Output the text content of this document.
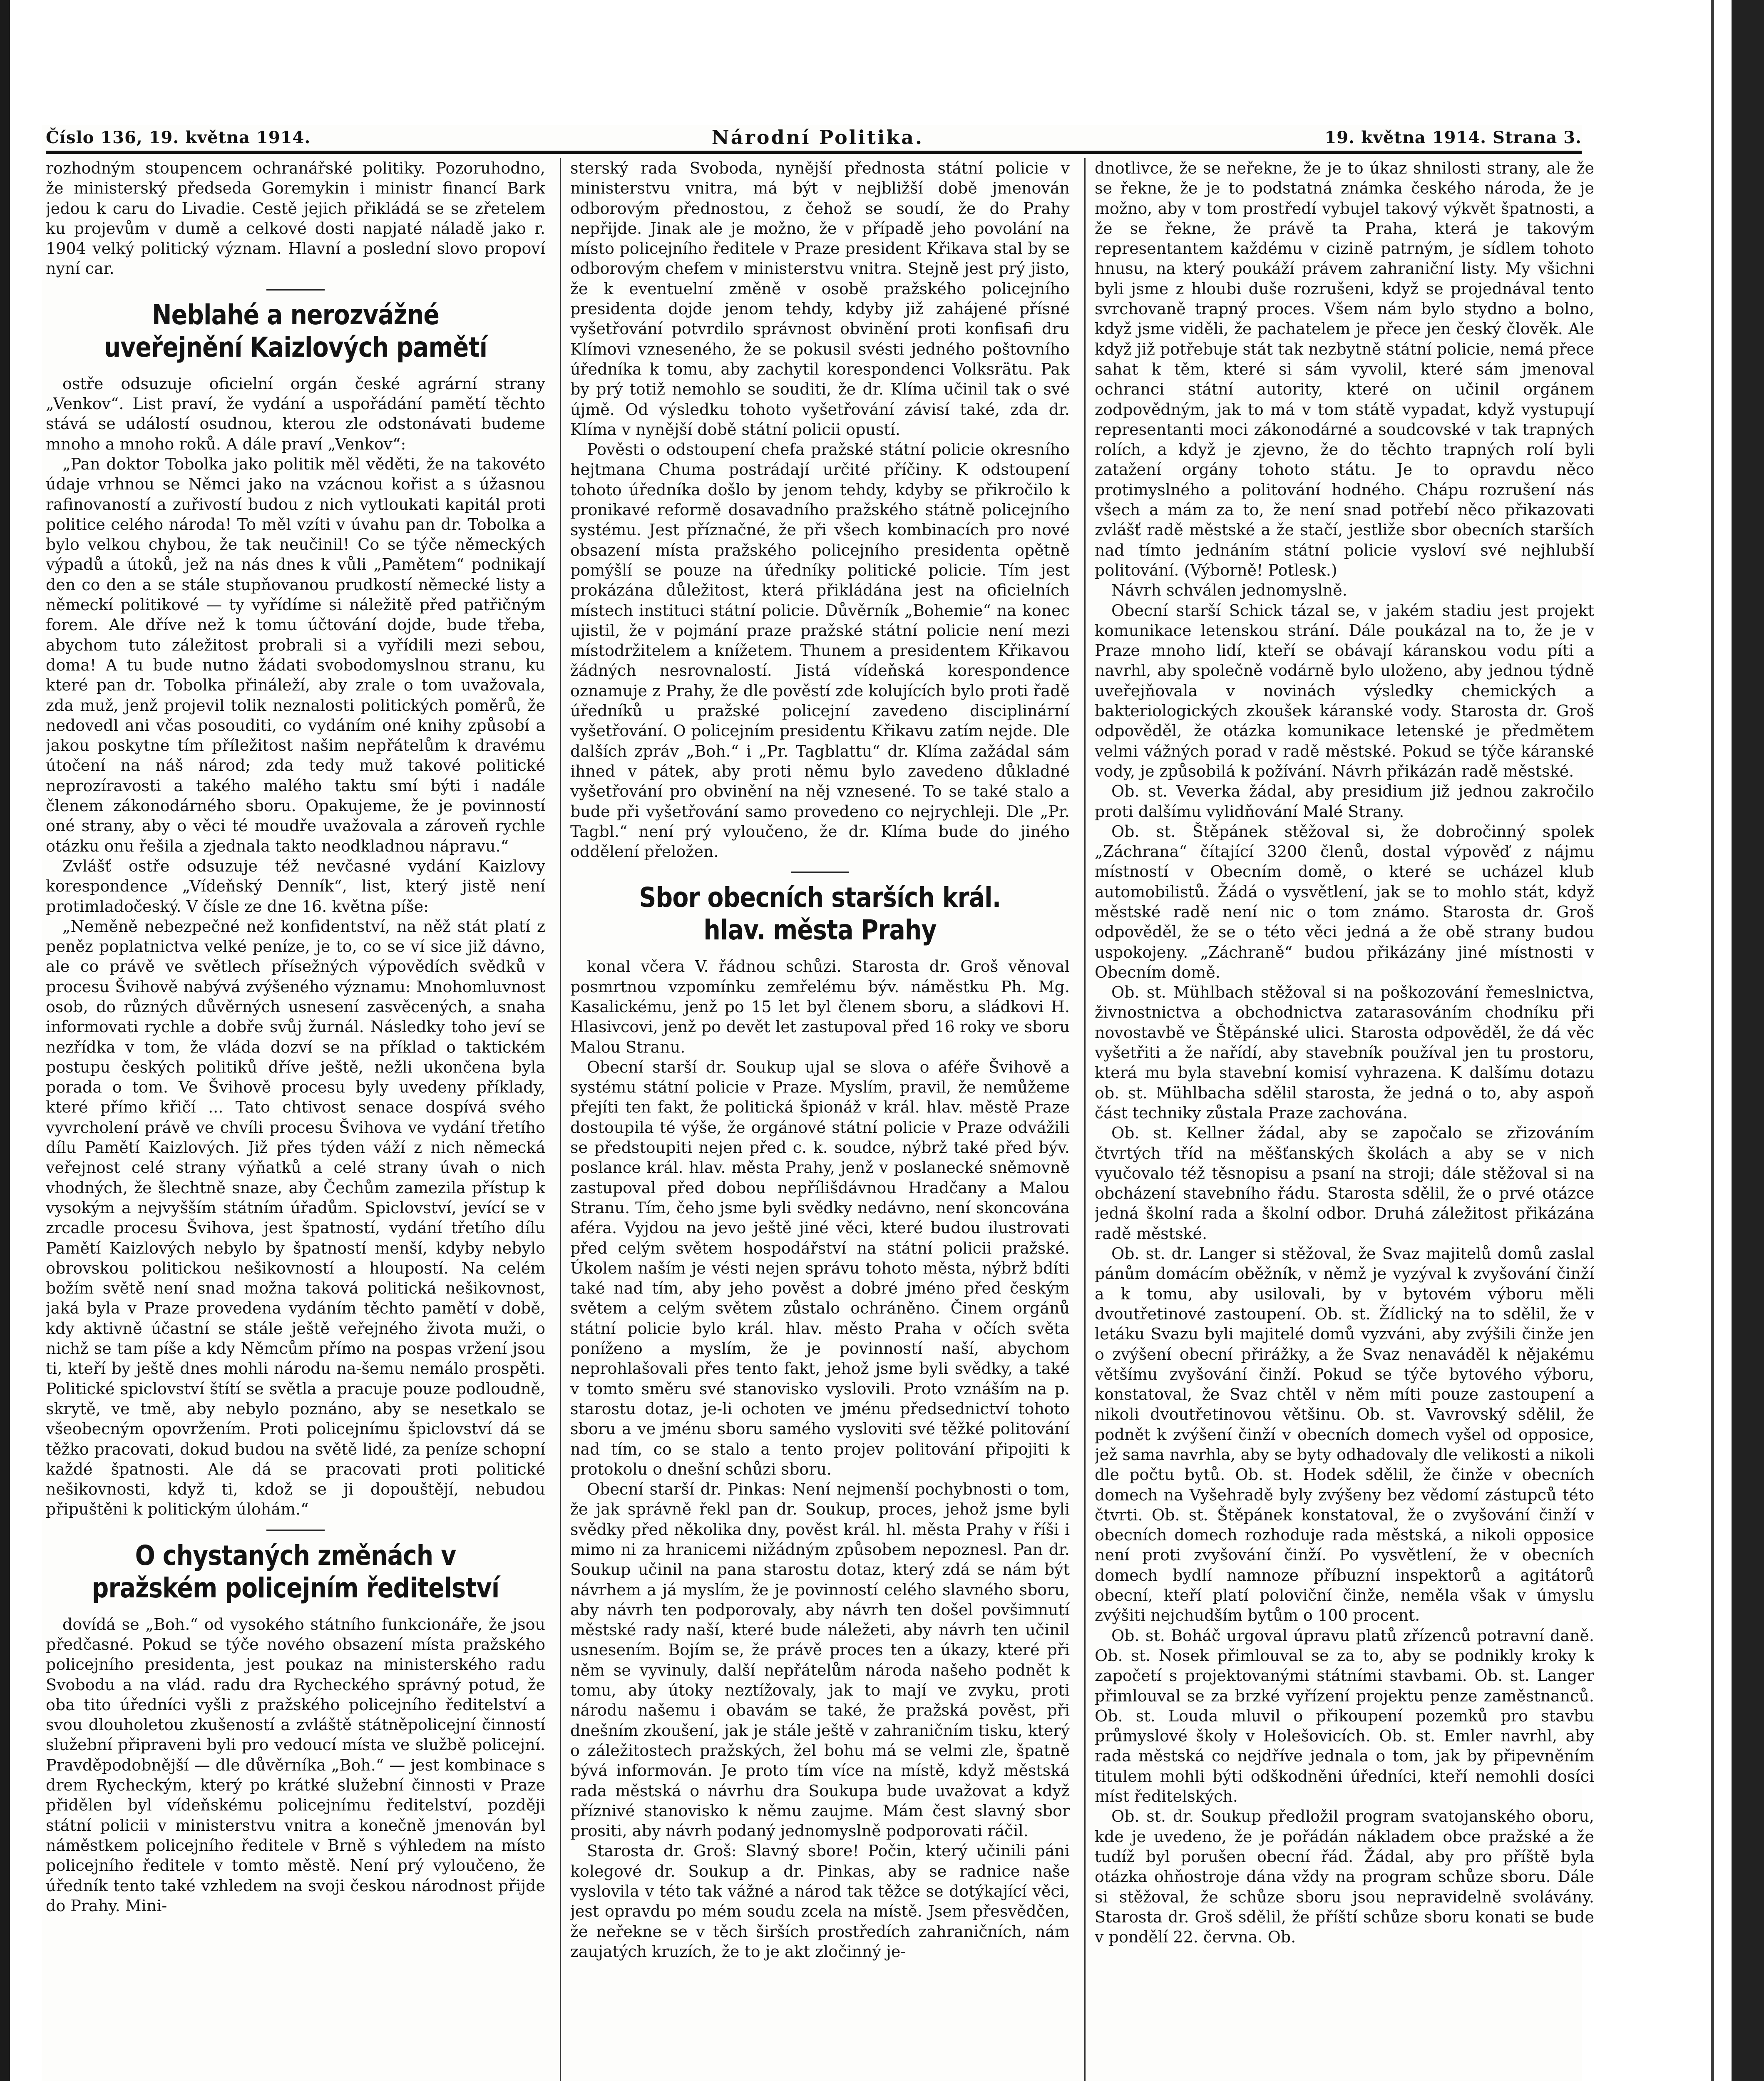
Číslo 136, 19. května 1914.	Národní Politika.	19. května 1914. Strana 3.

rozhodným stoupencem ochranářské politiky. Pozoruhodno, že ministerský předseda Goremykin i ministr financí Bark jedou k caru do Livadie. Cestě jejich přikládá se se zřetelem ku projevům v dumě a celkové dosti napjaté náladě jako r. 1904 velký politický význam. Hlavní a poslední slovo propoví nyní car.

Neblahé a nerozvážné uveřejnění Kaizlových pamětí

ostře odsuzuje oficielní orgán české agrární strany „Venkov“. List praví, že vydání a uspořádání pamětí těchto stává se událostí osudnou, kterou zle odstonávati budeme mnoho a mnoho roků. A dále praví „Venkov“:

„Pan doktor Tobolka jako politik měl věděti, že na takovéto údaje vrhnou se Němci jako na vzácnou kořist a s úžasnou rafinovaností a zuřivostí budou z nich vytloukati kapitál proti politice celého národa! To měl vzíti v úvahu pan dr. Tobolka a bylo velkou chybou, že tak neučinil! Co se týče německých výpadů a útoků, jež na nás dnes k vůli „Pamětem“ podnikají den co den a se stále stupňovanou prudkostí německé listy a německí politikové — ty vyřídíme si náležitě před patřičným forem. Ale dříve než k tomu účtování dojde, bude třeba, abychom tuto záležitost probrali si a vyřídili mezi sebou, doma! A tu bude nutno žádati svobodomyslnou stranu, ku které pan dr. Tobolka přináleží, aby zrale o tom uvažovala, zda muž, jenž projevil tolik neznalosti politických poměrů, že nedovedl ani včas posouditi, co vydáním oné knihy způsobí a jakou poskytne tím příležitost našim nepřátelům k dravému útočení na náš národ; zda tedy muž takové politické neprozíravosti a takého malého taktu smí býti i nadále členem zákonodárného sboru. Opakujeme, že je povinností oné strany, aby o věci té moudře uvažovala a zároveň rychle otázku onu řešila a zjednala takto neodkladnou nápravu.“

Zvlášť ostře odsuzuje též nevčasné vydání Kaizlovy korespondence „Vídeňský Denník“, list, který jistě není protimladočeský. V čísle ze dne 16. května píše:

„Neměně nebezpečné než konfidentství, na něž stát platí z peněz poplatnictva velké peníze, je to, co se ví sice již dávno, ale co právě ve světlech přísežných výpovědích svědků v procesu Švihově nabývá zvýšeného významu: Mnohomluvnost osob, do různých důvěrných usnesení zasvěcených, a snaha informovati rychle a dobře svůj žurnál. Následky toho jeví se nezřídka v tom, že vláda dozví se na příklad o taktickém postupu českých politiků dříve ještě, nežli ukončena byla porada o tom. Ve Švihově procesu byly uvedeny příklady, které přímo křičí ... Tato chtivost senace dospívá svého vyvrcholení právě ve chvíli procesu Švihova ve vydání třetího dílu Pamětí Kaizlových. Již přes týden váží z nich německá veřejnost celé strany výňatků a celé strany úvah o nich vhodných, že šlechtně snaze, aby Čechům zamezila přístup k vysokým a nejvyšším státním úřadům. Spiclovství, jevící se v zrcadle procesu Švihova, jest špatností, vydání třetího dílu Pamětí Kaizlových nebylo by špatností menší, kdyby nebylo obrovskou politickou nešikovností a hloupostí. Na celém božím světě není snad možna taková politická nešikovnost, jaká byla v Praze provedena vydáním těchto pamětí v době, kdy aktivně účastní se stále ještě veřejného života muži, o nichž se tam píše a kdy Němcům přímo na pospas vržení jsou ti, kteří by ještě dnes mohli národu na-šemu nemálo prospěti. Politické spiclovství štítí se světla a pracuje pouze podloudně, skrytě, ve tmě, aby nebylo poznáno, aby se nesetkalo se všeobecným opovržením. Proti policejnímu špiclovství dá se těžko pracovati, dokud budou na světě lidé, za peníze schopní každé špatnosti. Ale dá se pracovati proti politické nešikovnosti, když ti, kdož se ji dopouštějí, nebudou připuštěni k politickým úlohám.“

O chystaných změnách v pražském policejním ředitelství

dovídá se „Boh.“ od vysokého státního funkcionáře, že jsou předčasné. Pokud se týče nového obsazení místa pražského policejního presidenta, jest poukaz na ministerského radu Svobodu a na vlád. radu dra Rycheckého správný potud, že oba tito úředníci vyšli z pražského policejního ředitelství a svou dlouholetou zkušeností a zvláště státněpolicejní činností služební připraveni byli pro vedoucí místa ve službě policejní. Pravděpodobnější — dle důvěrníka „Boh.“ — jest kombinace s drem Rycheckým, který po krátké služební činnosti v Praze přidělen byl vídeňskému policejnímu ředitelství, později státní policii v ministerstvu vnitra a konečně jmenován byl náměstkem policejního ředitele v Brně s výhledem na místo policejního ředitele v tomto městě. Není prý vyloučeno, že úředník tento také vzhledem na svoji českou národnost přijde do Prahy. Mini-

sterský rada Svoboda, nynější přednosta státní policie v ministerstvu vnitra, má být v nejbližší době jmenován odborovým přednostou, z čehož se soudí, že do Prahy nepřijde. Jinak ale je možno, že v případě jeho povolání na místo policejního ředitele v Praze president Křikava stal by se odborovým chefem v ministerstvu vnitra. Stejně jest prý jisto, že k eventuelní změně v osobě pražského policejního presidenta dojde jenom tehdy, kdyby již zahájené přísné vyšetřování potvrdilo správnost obvinění proti konfisafi dru Klímovi vzneseného, že se pokusil svésti jedného poštovního úředníka k tomu, aby zachytil korespondenci Volksrätu. Pak by prý totiž nemohlo se souditi, že dr. Klíma učinil tak o své újmě. Od výsledku tohoto vyšetřování závisí také, zda dr. Klíma v nynější době státní policii opustí.

Pověsti o odstoupení chefa pražské státní policie okresního hejtmana Chuma postrádají určité příčiny. K odstoupení tohoto úředníka došlo by jenom tehdy, kdyby se přikročilo k pronikavé reformě dosavadního pražského státně policejního systému. Jest příznačné, že při všech kombinacích pro nové obsazení místa pražského policejního presidenta opětně pomýšlí se pouze na úředníky politické policie. Tím jest prokázána důležitost, která přikládána jest na oficielních místech instituci státní policie. Důvěrník „Bohemie“ na konec ujistil, že v pojmání praze pražské státní policie není mezi místodržitelem a knížetem. Thunem a presidentem Křikavou žádných nesrovnalostí. Jistá vídeňská korespondence oznamuje z Prahy, že dle pověstí zde kolujících bylo proti řadě úředníků u pražské policejní zavedeno disciplinární vyšetřování. O policejním presidentu Křikavu zatím nejde. Dle dalších zpráv „Boh.“ i „Pr. Tagblattu“ dr. Klíma zažádal sám ihned v pátek, aby proti němu bylo zavedeno důkladné vyšetřování pro obvinění na něj vznesené. To se také stalo a bude při vyšetřování samo provedeno co nejrychleji. Dle „Pr. Tagbl.“ není prý vyloučeno, že dr. Klíma bude do jiného oddělení přeložen.

Sbor obecních starších král. hlav. města Prahy

konal včera V. řádnou schůzi. Starosta dr. Groš věnoval posmrtnou vzpomínku zemřelému býv. náměstku Ph. Mg. Kasalickému, jenž po 15 let byl členem sboru, a sládkovi H. Hlasivcovi, jenž po devět let zastupoval před 16 roky ve sboru Malou Stranu.

Obecní starší dr. Soukup ujal se slova o aféře Švihově a systému státní policie v Praze. Myslím, pravil, že nemůžeme přejíti ten fakt, že politická špionáž v král. hlav. městě Praze dostoupila té výše, že orgánové státní policie v Praze odvážili se předstoupiti nejen před c. k. soudce, nýbrž také před býv. poslance král. hlav. města Prahy, jenž v poslanecké sněmovně zastupoval před dobou nepřílišdávnou Hradčany a Malou Stranu. Tím, čeho jsme byli svědky nedávno, není skoncována aféra. Vyjdou na jevo ještě jiné věci, které budou ilustrovati před celým světem hospodářství na státní policii pražské. Úkolem naším je vésti nejen správu tohoto města, nýbrž bdíti také nad tím, aby jeho pověst a dobré jméno před českým světem a celým světem zůstalo ochráněno. Činem orgánů státní policie bylo král. hlav. město Praha v očích světa poníženo a myslím, že je povinností naší, abychom neprohlašovali přes tento fakt, jehož jsme byli svědky, a také v tomto směru své stanovisko vyslovili. Proto vznáším na p. starostu dotaz, je-li ochoten ve jménu předsednictví tohoto sboru a ve jménu sboru samého vysloviti své těžké politování nad tím, co se stalo a tento projev politování připojiti k protokolu o dnešní schůzi sboru.

Obecní starší dr. Pinkas: Není nejmenší pochybnosti o tom, že jak správně řekl pan dr. Soukup, proces, jehož jsme byli svědky před několika dny, pověst král. hl. města Prahy v říši i mimo ni za hranicemi nižádným způsobem nepoznesl. Pan dr. Soukup učinil na pana starostu dotaz, který zdá se nám být návrhem a já myslím, že je povinností celého slavného sboru, aby návrh ten podporovaly, aby návrh ten došel povšimnutí městské rady naší, které bude náležeti, aby návrh ten učinil usnesením. Bojím se, že právě proces ten a úkazy, které při něm se vyvinuly, další nepřátelům národa našeho podnět k tomu, aby útoky neztížovaly, jak to mají ve zvyku, proti národu našemu i obavám se také, že pražská pověst, při dnešním zkoušení, jak je stále ještě v zahraničním tisku, který o záležitostech pražských, žel bohu má se velmi zle, špatně bývá informován. Je proto tím více na místě, když městská rada městská o návrhu dra Soukupa bude uvažovat a když příznivé stanovisko k němu zaujme. Mám čest slavný sbor prositi, aby návrh podaný jednomyslně podporovati ráčil.

Starosta dr. Groš: Slavný sbore! Počin, který učinili páni kolegové dr. Soukup a dr. Pinkas, aby se radnice naše vyslovila v této tak vážné a národ tak těžce se dotýkající věci, jest opravdu po mém soudu zcela na místě. Jsem přesvědčen, že neřekne se v těch širších prostředích zahraničních, nám zaujatých kruzích, že to je akt zločinný je-

dnotlivce, že se neřekne, že je to úkaz shnilosti strany, ale že se řekne, že je to podstatná známka českého národa, že je možno, aby v tom prostředí vybujel takový výkvět špatnosti, a že se řekne, že právě ta Praha, která je takovým representantem každému v cizině patrným, je sídlem tohoto hnusu, na který poukáží právem zahraniční listy. My všichni byli jsme z hloubi duše rozrušeni, když se projednával tento svrchovaně trapný proces. Všem nám bylo stydno a bolno, když jsme viděli, že pachatelem je přece jen český člověk. Ale když již potřebuje stát tak nezbytně státní policie, nemá přece sahat k těm, které si sám vyvolil, které sám jmenoval ochranci státní autority, které on učinil orgánem zodpovědným, jak to má v tom státě vypadat, když vystupují representanti moci zákonodárné a soudcovské v tak trapných rolích, a když je zjevno, že do těchto trapných rolí byli zatažení orgány tohoto státu. Je to opravdu něco protimyslného a politování hodného. Chápu rozrušení nás všech a mám za to, že není snad potřebí něco přikazovati zvlášť radě městské a že stačí, jestliže sbor obecních starších nad tímto jednáním státní policie vysloví své nejhlubší politování. (Výborně! Potlesk.)

Návrh schválen jednomyslně.

Obecní starší Schick tázal se, v jakém stadiu jest projekt komunikace letenskou strání. Dále poukázal na to, že je v Praze mnoho lidí, kteří se obávají káranskou vodu píti a navrhl, aby společně vodárně bylo uloženo, aby jednou týdně uveřejňovala v novinách výsledky chemických a bakteriologických zkoušek káranské vody. Starosta dr. Groš odpověděl, že otázka komunikace letenské je předmětem velmi vážných porad v radě městské. Pokud se týče káranské vody, je způsobilá k požívání. Návrh přikázán radě městské.

Ob. st. Veverka žádal, aby presidium již jednou zakročilo proti dalšímu vylidňování Malé Strany.

Ob. st. Štěpánek stěžoval si, že dobročinný spolek „Záchrana“ čítající 3200 členů, dostal výpověď z nájmu místností v Obecním domě, o které se ucházel klub automobilistů. Žádá o vysvětlení, jak se to mohlo stát, když městské radě není nic o tom známo. Starosta dr. Groš odpověděl, že se o této věci jedná a že obě strany budou uspokojeny. „Záchraně“ budou přikázány jiné místnosti v Obecním domě.

Ob. st. Mühlbach stěžoval si na poškozování řemeslnictva, živnostnictva a obchodnictva zatarasováním chodníku při novostavbě ve Štěpánské ulici. Starosta odpověděl, že dá věc vyšetřiti a že nařídí, aby stavebník používal jen tu prostoru, která mu byla stavební komisí vyhrazena. K dalšímu dotazu ob. st. Mühlbacha sdělil starosta, že jedná o to, aby aspoň část techniky zůstala Praze zachována.

Ob. st. Kellner žádal, aby se započalo se zřizováním čtvrtých tříd na měšťanských školách a aby se v nich vyučovalo též těsnopisu a psaní na stroji; dále stěžoval si na obcházení stavebního řádu. Starosta sdělil, že o prvé otázce jedná školní rada a školní odbor. Druhá záležitost přikázána radě městské.

Ob. st. dr. Langer si stěžoval, že Svaz majitelů domů zaslal pánům domácím oběžník, v němž je vyzýval k zvyšování činží a k tomu, aby usilovali, by v bytovém výboru měli dvoutřetinové zastoupení. Ob. st. Žídlický na to sdělil, že v letáku Svazu byli majitelé domů vyzváni, aby zvýšili činže jen o zvýšení obecní přirážky, a že Svaz nenaváděl k nějakému většímu zvyšování činží. Pokud se týče bytového výboru, konstatoval, že Svaz chtěl v něm míti pouze zastoupení a nikoli dvoutřetinovou většinu. Ob. st. Vavrovský sdělil, že podnět k zvýšení činží v obecních domech vyšel od opposice, jež sama navrhla, aby se byty odhadovaly dle velikosti a nikoli dle počtu bytů. Ob. st. Hodek sdělil, že činže v obecních domech na Vyšehradě byly zvýšeny bez vědomí zástupců této čtvrti. Ob. st. Štěpánek konstatoval, že o zvyšování činží v obecních domech rozhoduje rada městská, a nikoli opposice není proti zvyšování činží. Po vysvětlení, že v obecních domech bydlí namnoze příbuzní inspektorů a agitátorů obecní, kteří platí poloviční činže, neměla však v úmyslu zvýšiti nejchudším bytům o 100 procent.

Ob. st. Boháč urgoval úpravu platů zřízenců potravní daně. Ob. st. Nosek přimlouval se za to, aby se podnikly kroky k započetí s projektovanými státními stavbami. Ob. st. Langer přimlouval se za brzké vyřízení projektu penze zaměstnanců. Ob. st. Louda mluvil o přikoupení pozemků pro stavbu průmyslové školy v Holešovicích. Ob. st. Emler navrhl, aby rada městská co nejdříve jednala o tom, jak by připevněním titulem mohli býti odškodněni úředníci, kteří nemohli dosíci míst ředitelských.

Ob. st. dr. Soukup předložil program svatojanského oboru, kde je uvedeno, že je pořádán nákladem obce pražské a že tudíž byl porušen obecní řád. Žádal, aby pro příště byla otázka ohňostroje dána vždy na program schůze sboru. Dále si stěžoval, že schůze sboru jsou nepravidelně svolávány. Starosta dr. Groš sdělil, že příští schůze sboru konati se bude v pondělí 22. června. Ob.
